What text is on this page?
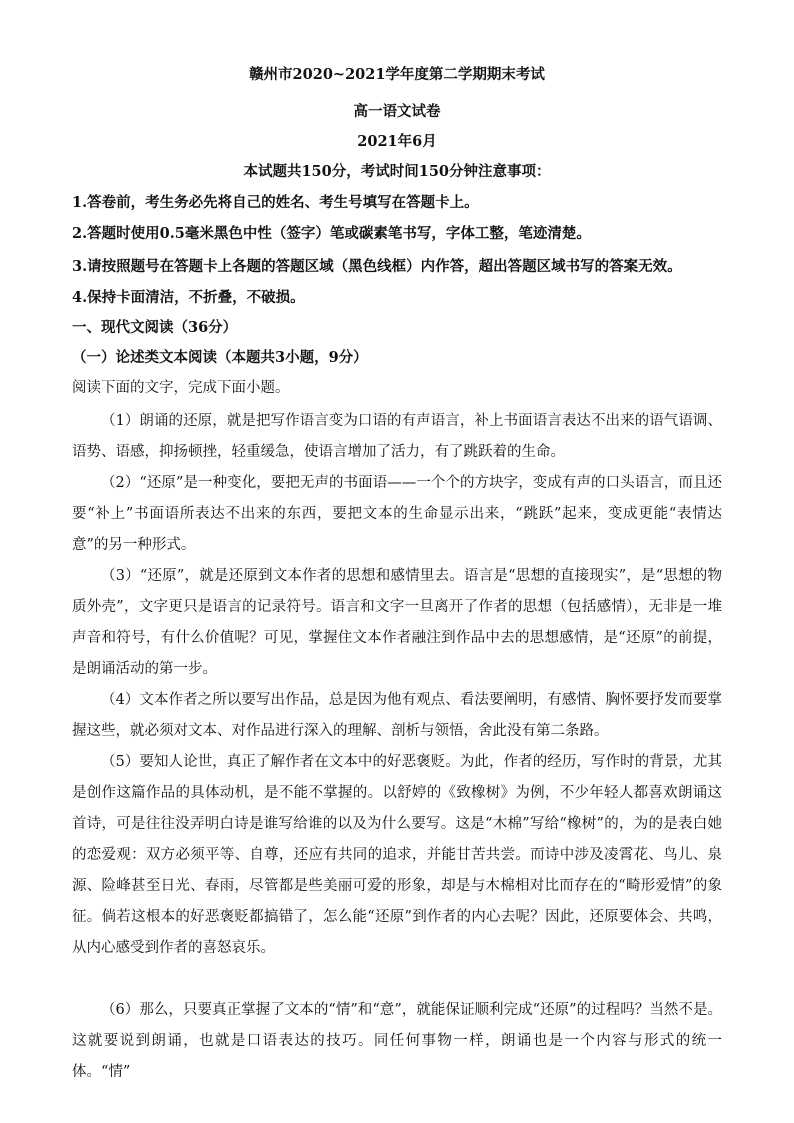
赣州市2020~2021学年度第二学期期末考试
高一语文试卷
2021年6月
本试题共150分，考试时间150分钟注意事项：
1.答卷前，考生务必先将自己的姓名、考生号填写在答题卡上。
2.答题时使用0.5毫米黑色中性（签字）笔或碳素笔书写，字体工整，笔迹清楚。
3.请按照题号在答题卡上各题的答题区域（黑色线框）内作答，超出答题区域书写的答案无效。
4.保持卡面清洁，不折叠，不破损。
一、现代文阅读（36分）
（一）论述类文本阅读（本题共3小题，9分）
阅读下面的文字，完成下面小题。

（1）朗诵的还原，就是把写作语言变为口语的有声语言，补上书面语言表达不出来的语气语调、语势、语感，抑扬顿挫，轻重缓急，使语言增加了活力，有了跳跃着的生命。

（2）“还原”是一种变化，要把无声的书面语——一个个的方块字，变成有声的口头语言，而且还要“补上”书面语所表达不出来的东西，要把文本的生命显示出来，“跳跃”起来，变成更能“表情达意”的另一种形式。

（3）“还原”，就是还原到文本作者的思想和感情里去。语言是“思想的直接现实”，是“思想的物质外壳”，文字更只是语言的记录符号。语言和文字一旦离开了作者的思想（包括感情），无非是一堆声音和符号，有什么价值呢？可见，掌握住文本作者融注到作品中去的思想感情，是“还原”的前提，是朗诵活动的第一步。

（4）文本作者之所以要写出作品，总是因为他有观点、看法要阐明，有感情、胸怀要抒发而要掌握这些，就必须对文本、对作品进行深入的理解、剖析与领悟，舍此没有第二条路。

（5）要知人论世，真正了解作者在文本中的好恶褒贬。为此，作者的经历，写作时的背景，尤其是创作这篇作品的具体动机，是不能不掌握的。以舒婷的《致橡树》为例，不少年轻人都喜欢朗诵这首诗，可是往往没弄明白诗是谁写给谁的以及为什么要写。这是“木棉”写给“橡树”的，为的是表白她的恋爱观：双方必须平等、自尊，还应有共同的追求，并能甘苦共尝。而诗中涉及凌霄花、鸟儿、泉源、险峰甚至日光、春雨，尽管都是些美丽可爱的形象，却是与木棉相对比而存在的“畸形爱情”的象征。倘若这根本的好恶褒贬都搞错了，怎么能“还原”到作者的内心去呢？因此，还原要体会、共鸣，从内心感受到作者的喜怒哀乐。

（6）那么，只要真正掌握了文本的“情”和“意”，就能保证顺利完成“还原”的过程吗？当然不是。这就要说到朗诵，也就是口语表达的技巧。同任何事物一样，朗诵也是一个内容与形式的统一体。“情”
